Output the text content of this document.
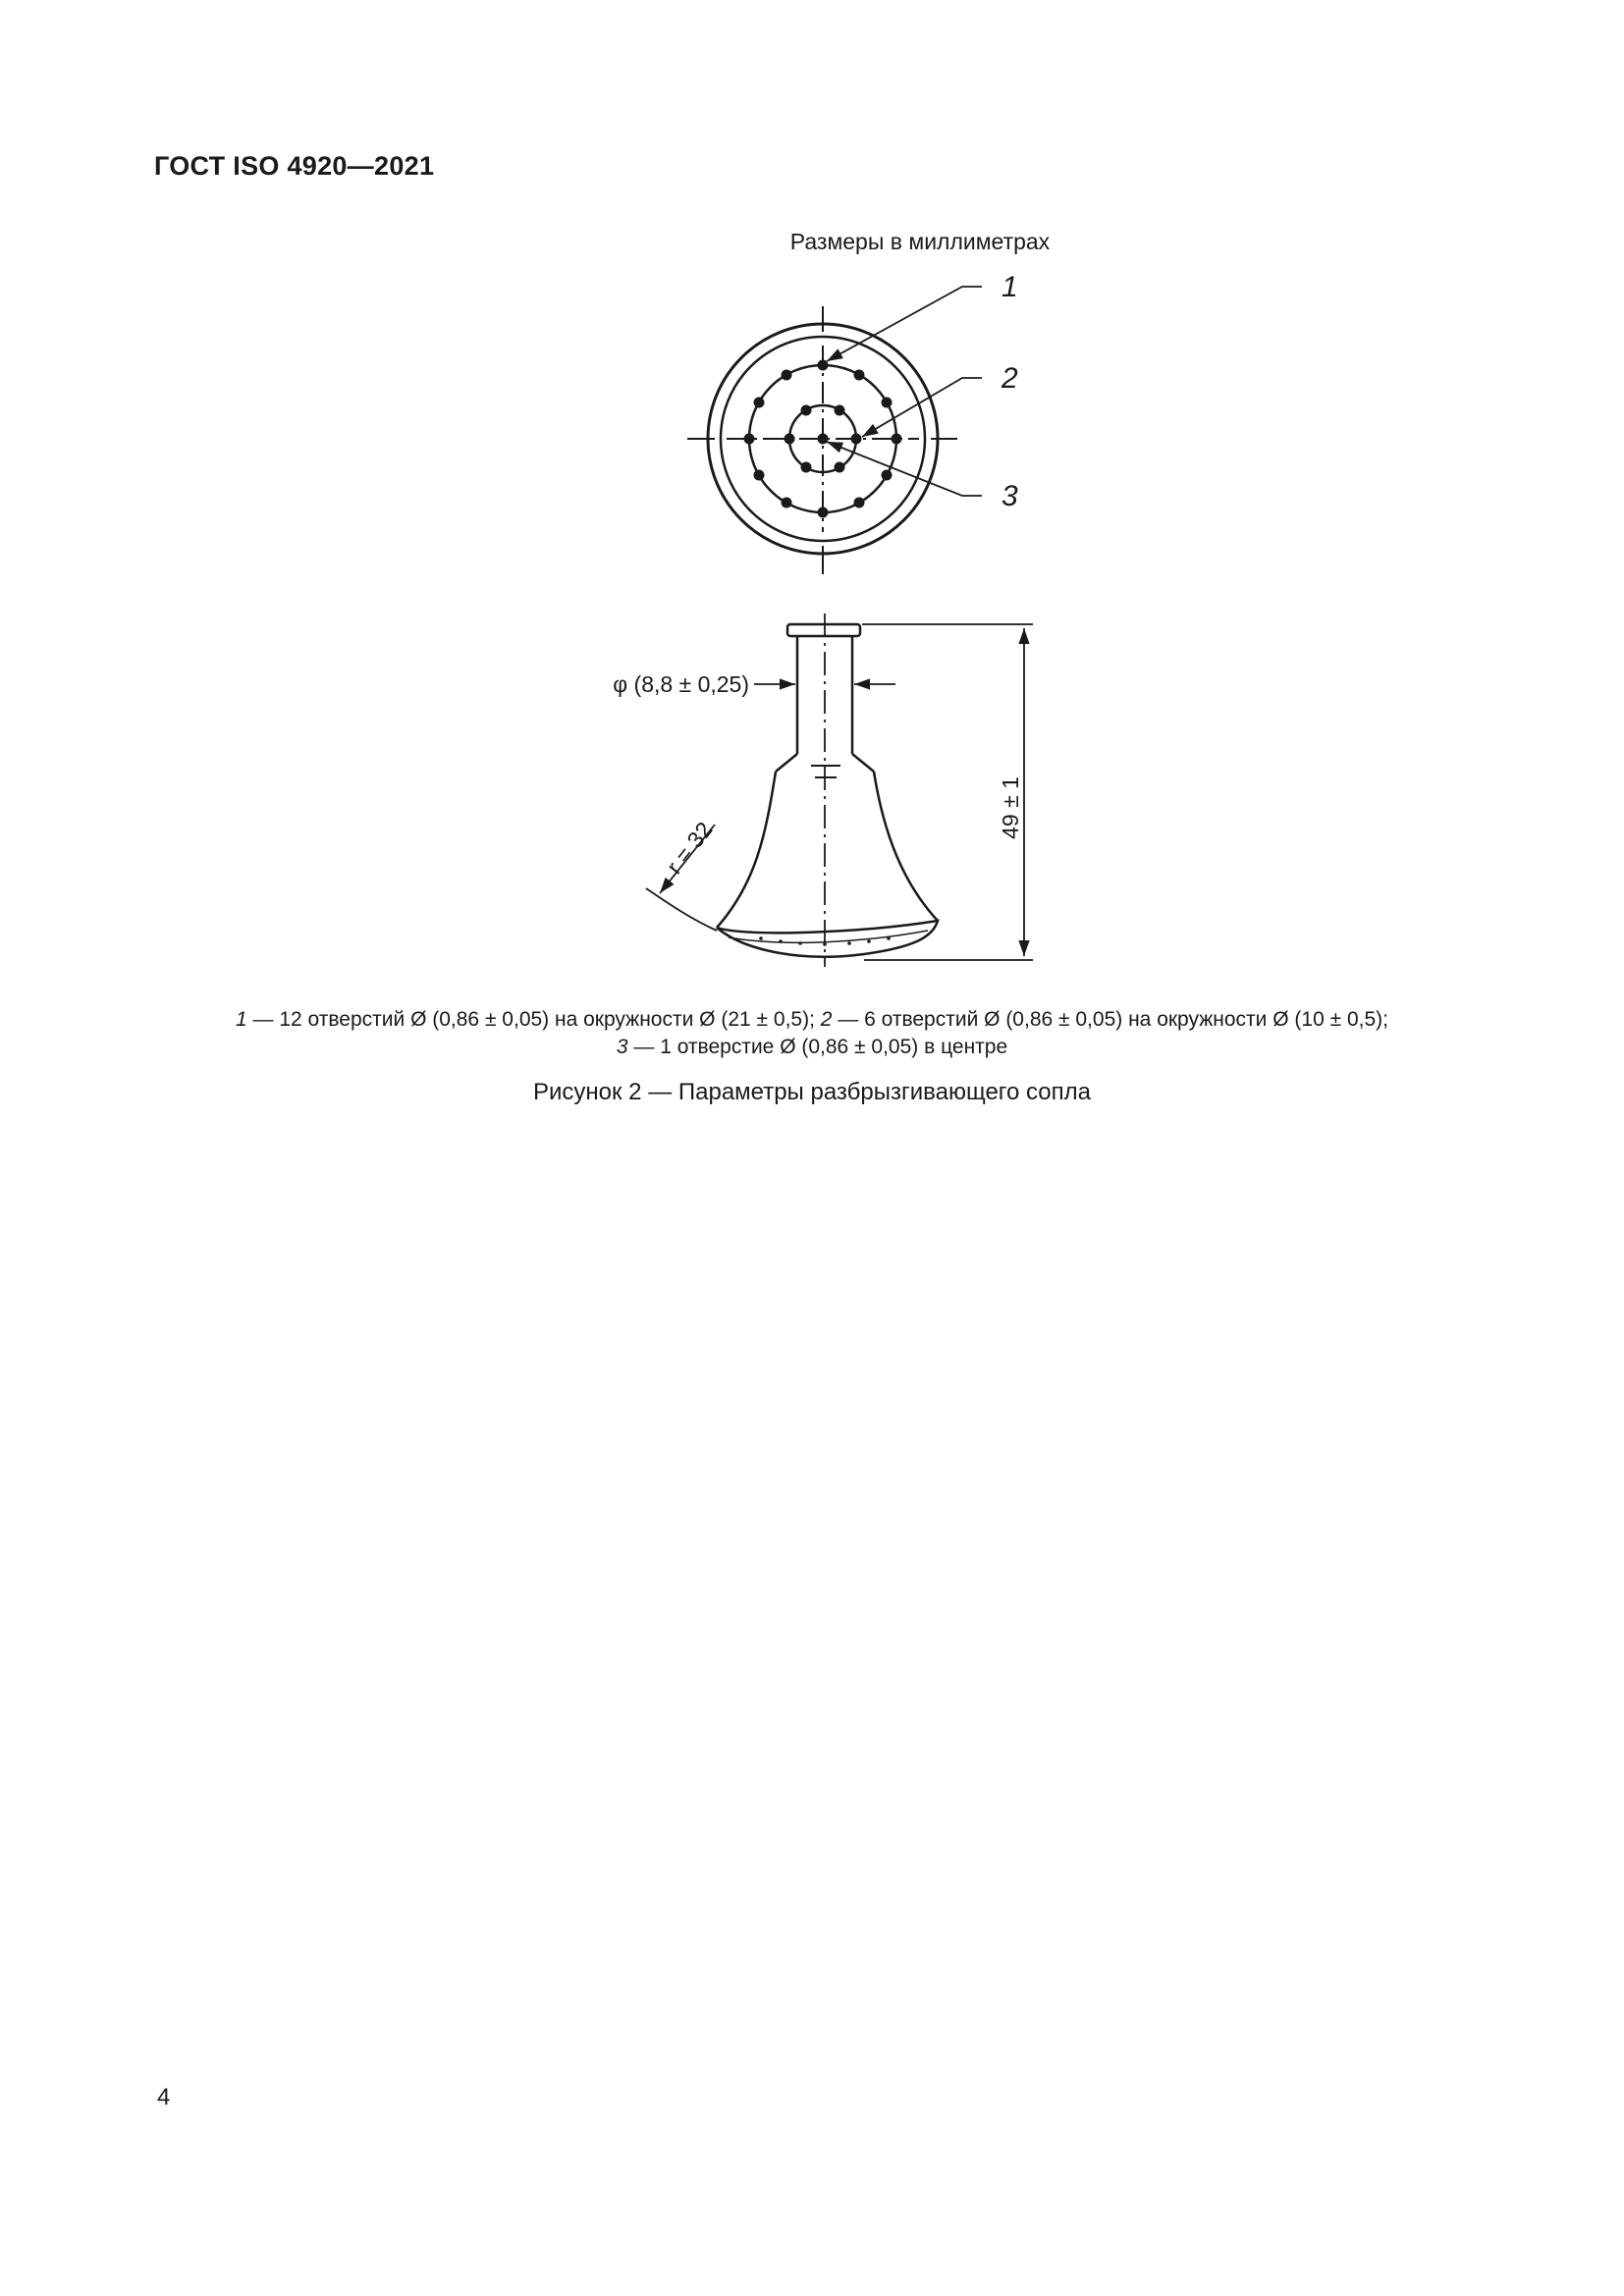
ГОСТ ISO 4920—2021
Размеры в миллиметрах
1
2
3
φ (8,8 ± 0,25)
49 ± 1
r = 32
1 — 12 отверстий Ø (0,86 ± 0,05) на окружности Ø (21 ± 0,5); 2 — 6 отверстий Ø (0,86 ± 0,05) на окружности Ø (10 ± 0,5);
3 — 1 отверстие Ø (0,86 ± 0,05) в центре
Рисунок 2 — Параметры разбрызгивающего сопла
4
